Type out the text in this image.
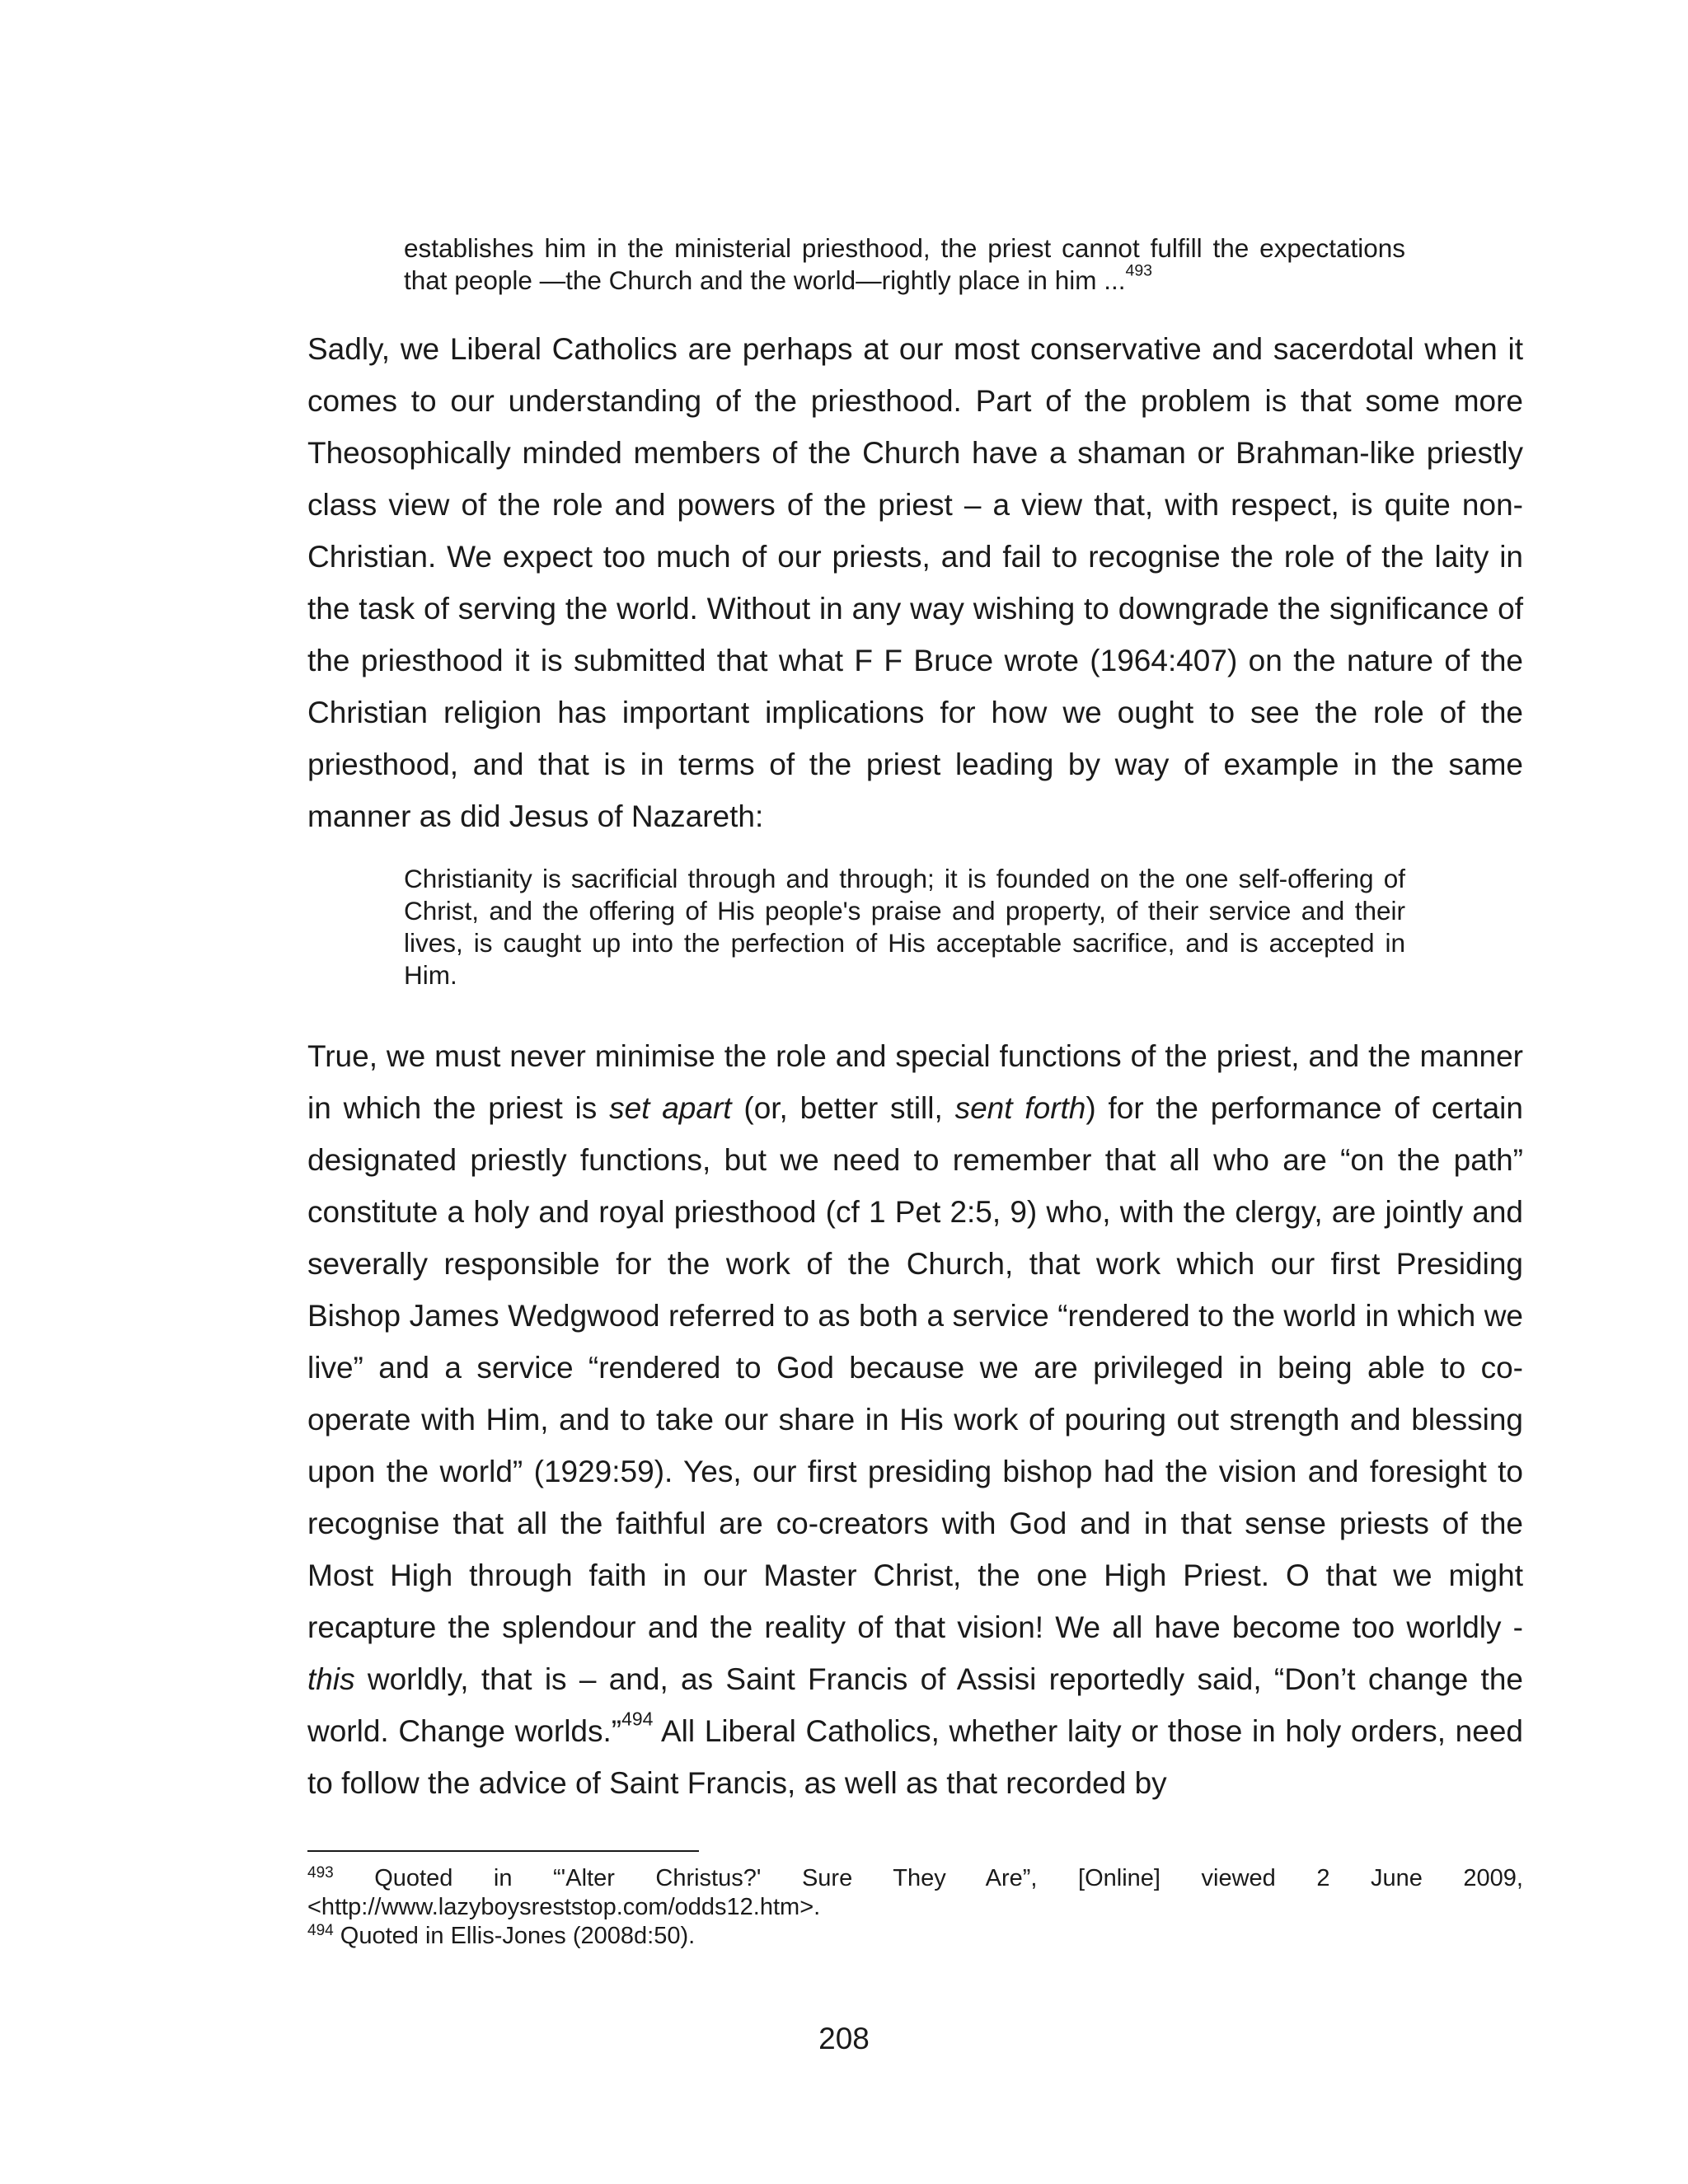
establishes him in the ministerial priesthood, the priest cannot fulfill the expectations that people —the Church and the world—rightly place in him ...$^{493}$
Sadly, we Liberal Catholics are perhaps at our most conservative and sacerdotal when it comes to our understanding of the priesthood. Part of the problem is that some more Theosophically minded members of the Church have a shaman or Brahman-like priestly class view of the role and powers of the priest – a view that, with respect, is quite non-Christian. We expect too much of our priests, and fail to recognise the role of the laity in the task of serving the world. Without in any way wishing to downgrade the significance of the priesthood it is submitted that what F F Bruce wrote (1964:407) on the nature of the Christian religion has important implications for how we ought to see the role of the priesthood, and that is in terms of the priest leading by way of example in the same manner as did Jesus of Nazareth:
Christianity is sacrificial through and through; it is founded on the one self-offering of Christ, and the offering of His people's praise and property, of their service and their lives, is caught up into the perfection of His acceptable sacrifice, and is accepted in Him.
True, we must never minimise the role and special functions of the priest, and the manner in which the priest is set apart (or, better still, sent forth) for the performance of certain designated priestly functions, but we need to remember that all who are “on the path” constitute a holy and royal priesthood (cf 1 Pet 2:5, 9) who, with the clergy, are jointly and severally responsible for the work of the Church, that work which our first Presiding Bishop James Wedgwood referred to as both a service “rendered to the world in which we live” and a service “rendered to God because we are privileged in being able to co-operate with Him, and to take our share in His work of pouring out strength and blessing upon the world” (1929:59). Yes, our first presiding bishop had the vision and foresight to recognise that all the faithful are co-creators with God and in that sense priests of the Most High through faith in our Master Christ, the one High Priest. O that we might recapture the splendour and the reality of that vision! We all have become too worldly - this worldly, that is – and, as Saint Francis of Assisi reportedly said, “Don’t change the world. Change worlds.”$^{494}$ All Liberal Catholics, whether laity or those in holy orders, need to follow the advice of Saint Francis, as well as that recorded by
$^{493}$ Quoted in “'Alter Christus?' Sure They Are”, [Online] viewed 2 June 2009, <http://www.lazyboysreststop.com/odds12.htm>.
$^{494}$ Quoted in Ellis-Jones (2008d:50).
208
